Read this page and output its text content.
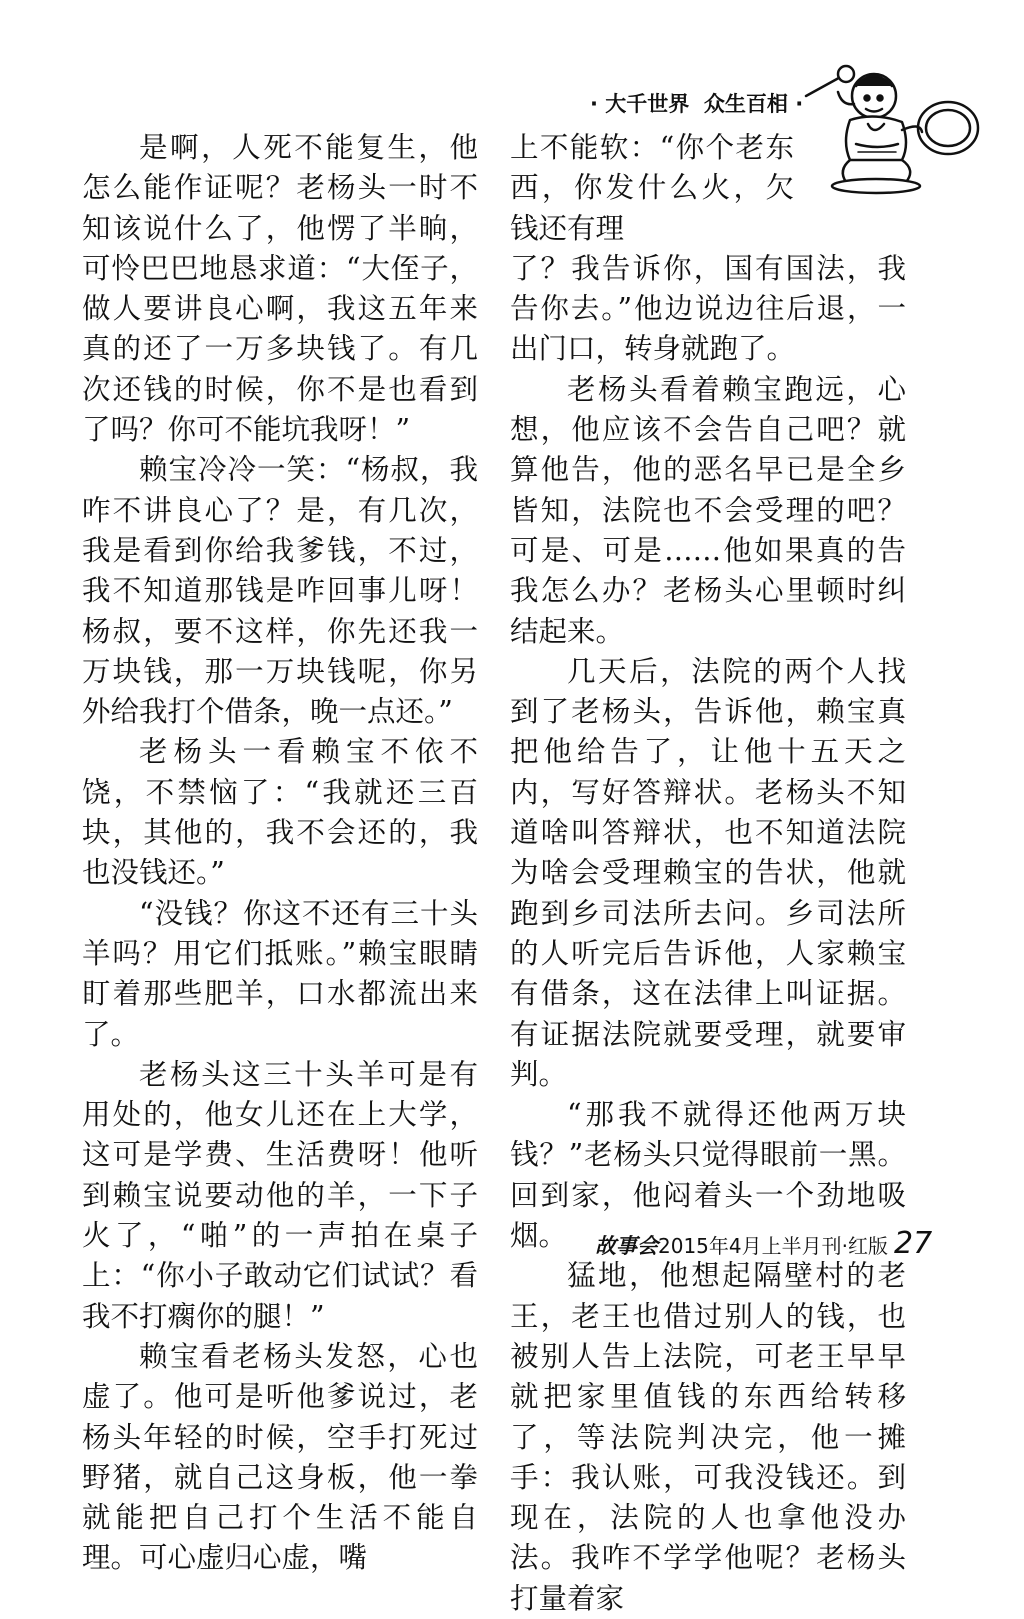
· 大千世界  众生百相 ·

是啊，人死不能复生，他怎么能作证呢？老杨头一时不知该说什么了，他愣了半晌，可怜巴巴地恳求道：“大侄子，做人要讲良心啊，我这五年来真的还了一万多块钱了。有几次还钱的时候，你不是也看到了吗？你可不能坑我呀！”

赖宝冷冷一笑：“杨叔，我咋不讲良心了？是，有几次，我是看到你给我爹钱，不过，我不知道那钱是咋回事儿呀！杨叔，要不这样，你先还我一万块钱，那一万块钱呢，你另外给我打个借条，晚一点还。”

老杨头一看赖宝不依不饶，不禁恼了：“我就还三百块，其他的，我不会还的，我也没钱还。”

“没钱？你这不还有三十头羊吗？用它们抵账。”赖宝眼睛盯着那些肥羊，口水都流出来了。

老杨头这三十头羊可是有用处的，他女儿还在上大学，这可是学费、生活费呀！他听到赖宝说要动他的羊，一下子火了，“啪”的一声拍在桌子上：“你小子敢动它们试试？看我不打瘸你的腿！”

赖宝看老杨头发怒，心也虚了。他可是听他爹说过，老杨头年轻的时候，空手打死过野猪，就自己这身板，他一拳就能把自己打个生活不能自理。可心虚归心虚，嘴

上不能软：“你个老东西，你发什么火，欠钱还有理

了？我告诉你，国有国法，我告你去。”他边说边往后退，一出门口，转身就跑了。

老杨头看着赖宝跑远，心想，他应该不会告自己吧？就算他告，他的恶名早已是全乡皆知，法院也不会受理的吧？可是、可是……他如果真的告我怎么办？老杨头心里顿时纠结起来。

几天后，法院的两个人找到了老杨头，告诉他，赖宝真把他给告了，让他十五天之内，写好答辩状。老杨头不知道啥叫答辩状，也不知道法院为啥会受理赖宝的告状，他就跑到乡司法所去问。乡司法所的人听完后告诉他，人家赖宝有借条，这在法律上叫证据。有证据法院就要受理，就要审判。

“那我不就得还他两万块钱？”老杨头只觉得眼前一黑。回到家，他闷着头一个劲地吸烟。

猛地，他想起隔壁村的老王，老王也借过别人的钱，也被别人告上法院，可老王早早就把家里值钱的东西给转移了，等法院判决完，他一摊手：我认账，可我没钱还。到现在，法院的人也拿他没办法。我咋不学学他呢？老杨头打量着家

故事会2015年4月上半月刊·红版 27
